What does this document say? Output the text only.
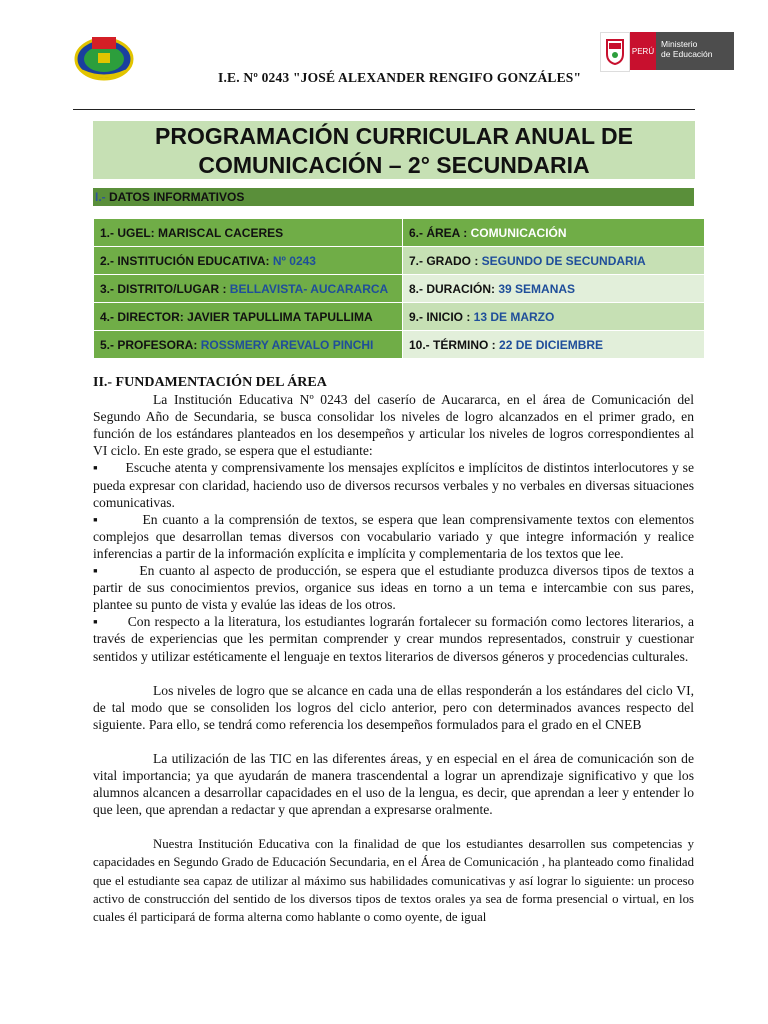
PERÚ
Ministerio
de Educación
I.E. Nº 0243 "JOSÉ ALEXANDER RENGIFO GONZÁLES"
PROGRAMACIÓN CURRICULAR ANUAL DE
COMUNICACIÓN – 2° SECUNDARIA
I.- DATOS INFORMATIVOS
1.- UGEL: MARISCAL CACERES	6.- ÁREA : COMUNICACIÓN
2.- INSTITUCIÓN EDUCATIVA: Nº 0243	7.- GRADO : SEGUNDO DE SECUNDARIA
3.- DISTRITO/LUGAR : BELLAVISTA- AUCARARCA	8.- DURACIÓN: 39 SEMANAS
4.- DIRECTOR: JAVIER TAPULLIMA TAPULLIMA	9.- INICIO : 13 DE MARZO
5.- PROFESORA: ROSSMERY AREVALO PINCHI	10.- TÉRMINO : 22 DE DICIEMBRE

II.- FUNDAMENTACIÓN DEL ÁREA

La Institución Educativa Nº 0243 del caserío de Aucararca, en el área de Comunicación del Segundo Año de Secundaria, se busca consolidar los niveles de logro alcanzados en el primer grado, en función de los estándares planteados en los desempeños y articular los niveles de logros correspondientes al VI ciclo. En este grado, se espera que el estudiante:

▪ Escuche atenta y comprensivamente los mensajes explícitos e implícitos de distintos interlocutores y se pueda expresar con claridad, haciendo uso de diversos recursos verbales y no verbales en diversas situaciones comunicativas.

▪	En cuanto a la comprensión de textos, se espera que lean comprensivamente textos con elementos complejos que desarrollan temas diversos con vocabulario variado y que integre información y realice inferencias a partir de la información explícita e implícita y complementaria de los textos que lee.

▪	En cuanto al aspecto de producción, se espera que el estudiante produzca diversos tipos de textos a partir de sus conocimientos previos, organice sus ideas en torno a un tema e intercambie con sus pares, plantee su punto de vista y evalúe las ideas de los otros.

▪ Con respecto a la literatura, los estudiantes lograrán fortalecer su formación como lectores literarios, a través de experiencias que les permitan comprender y crear mundos representados, construir y cuestionar sentidos y utilizar estéticamente el lenguaje en textos literarios de diversos géneros y procedencias culturales.

Los niveles de logro que se alcance en cada una de ellas responderán a los estándares del ciclo VI, de tal modo que se consoliden los logros del ciclo anterior, pero con determinados avances respecto del siguiente. Para ello, se tendrá como referencia los desempeños formulados para el grado en el CNEB

La utilización de las TIC en las diferentes áreas, y en especial en el área de comunicación son de vital importancia; ya que ayudarán de manera trascendental a lograr un aprendizaje significativo y que los alumnos alcancen a desarrollar capacidades en el uso de la lengua, es decir, que aprendan a leer y entender lo que leen, que aprendan a redactar y que aprendan a expresarse oralmente.

Nuestra Institución Educativa con la finalidad de que los estudiantes desarrollen sus competencias y capacidades en Segundo Grado de Educación Secundaria, en el Área de Comunicación , ha planteado como finalidad que el estudiante sea capaz de utilizar al máximo sus habilidades comunicativas y así lograr lo siguiente: un proceso activo de construcción del sentido de los diversos tipos de textos orales ya sea de forma presencial o virtual, en los cuales él participará de forma alterna como hablante o como oyente, de igual
